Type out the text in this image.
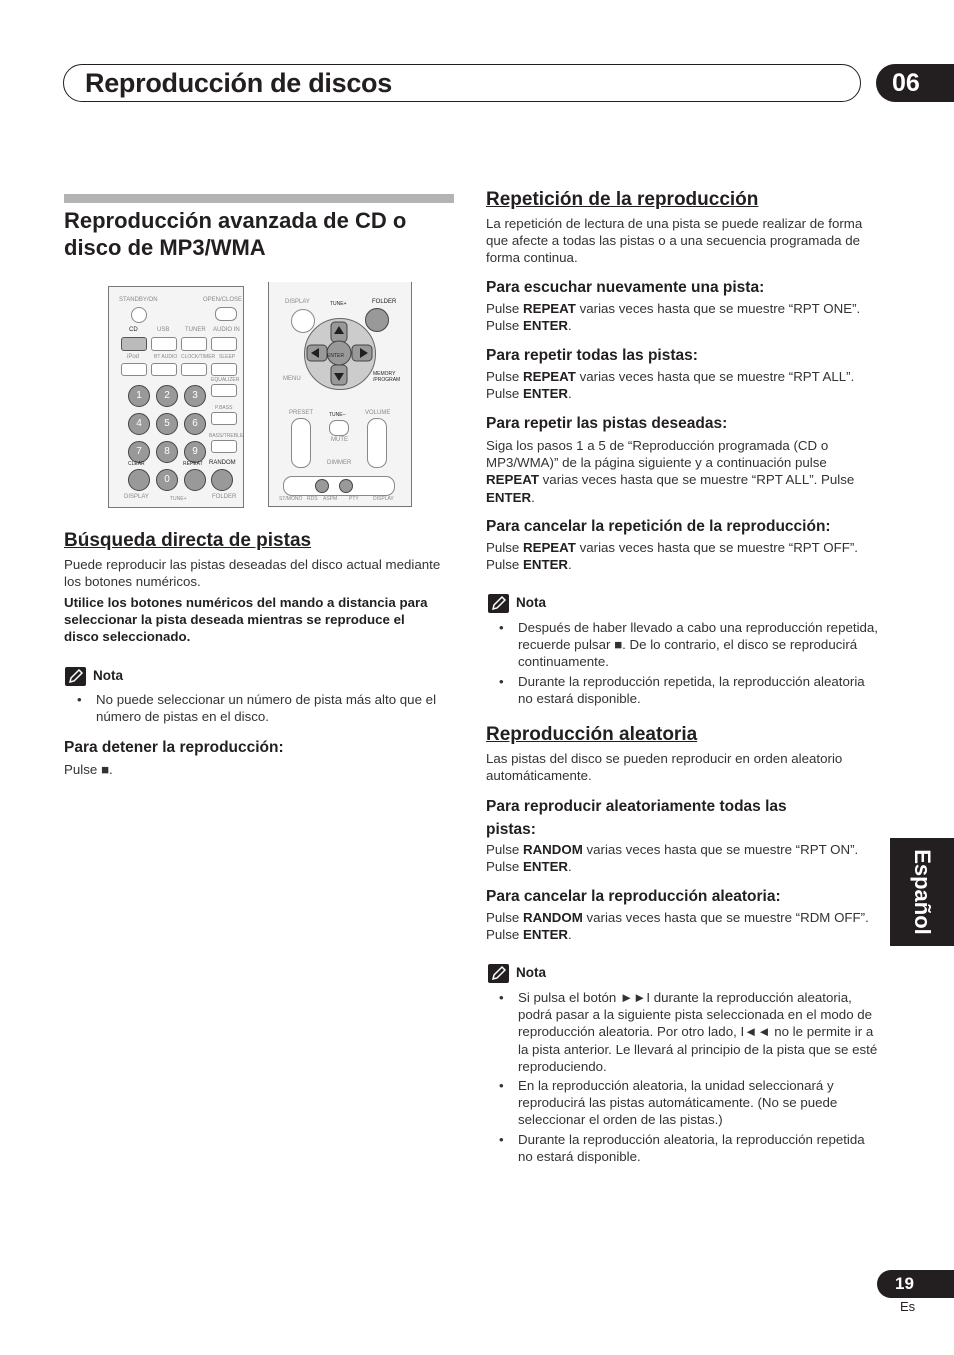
Reproducción de discos	06
Reproducción avanzada de CD o
disco de MP3/WMA
STANDBY/ON	OPEN/CLOSE
CD	USB	TUNER AUDIO IN
iPod	BT AUDIO CLOCK/TIMER SLEEP
EQUALIZER
P.BASS
BASS/TREBLE
1	2	3
4	5	6
7	8	9
CLEAR	REPEAT RANDOM
0
DISPLAY	TUNE+	FOLDER
DISPLAY	TUNE+	FOLDER
ENTER
MENU
MEMORY /PROGRAM
PRESET	TUNE–	VOLUME
MUTE
DIMMER
ST/MONO RDS ASPM PTY	DISPLAY
Búsqueda directa de pistas
Puede reproducir las pistas deseadas del disco actual mediante los botones numéricos.
Utilice los botones numéricos del mando a distancia para seleccionar la pista deseada mientras se reproduce el disco seleccionado.
Nota
• No puede seleccionar un número de pista más alto que el número de pistas en el disco.
Para detener la reproducción:
Pulse ■.
Repetición de la reproducción
La repetición de lectura de una pista se puede realizar de forma que afecte a todas las pistas o a una secuencia programada de forma continua.
Para escuchar nuevamente una pista:
Pulse REPEAT varias veces hasta que se muestre “RPT ONE”. Pulse ENTER.
Para repetir todas las pistas:
Pulse REPEAT varias veces hasta que se muestre “RPT ALL”. Pulse ENTER.
Para repetir las pistas deseadas:
Siga los pasos 1 a 5 de “Reproducción programada (CD o MP3/WMA)” de la página siguiente y a continuación pulse REPEAT varias veces hasta que se muestre “RPT ALL”. Pulse ENTER.
Para cancelar la repetición de la reproducción:
Pulse REPEAT varias veces hasta que se muestre “RPT OFF”. Pulse ENTER.
Nota
• Después de haber llevado a cabo una reproducción repetida, recuerde pulsar ■. De lo contrario, el disco se reproducirá continuamente.
• Durante la reproducción repetida, la reproducción aleatoria no estará disponible.
Reproducción aleatoria
Las pistas del disco se pueden reproducir en orden aleatorio automáticamente.
Para reproducir aleatoriamente todas las
pistas:
Pulse RANDOM varias veces hasta que se muestre “RPT ON”. Pulse ENTER.
Para cancelar la reproducción aleatoria:
Pulse RANDOM varias veces hasta que se muestre “RDM OFF”. Pulse ENTER.
Nota
• Si pulsa el botón ►►I durante la reproducción aleatoria, podrá pasar a la siguiente pista seleccionada en el modo de reproducción aleatoria. Por otro lado, I◄◄ no le permite ir a la pista anterior. Le llevará al principio de la pista que se esté reproduciendo.
• En la reproducción aleatoria, la unidad seleccionará y reproducirá las pistas automáticamente. (No se puede seleccionar el orden de las pistas.)
• Durante la reproducción aleatoria, la reproducción repetida no estará disponible.
Español
19
Es
